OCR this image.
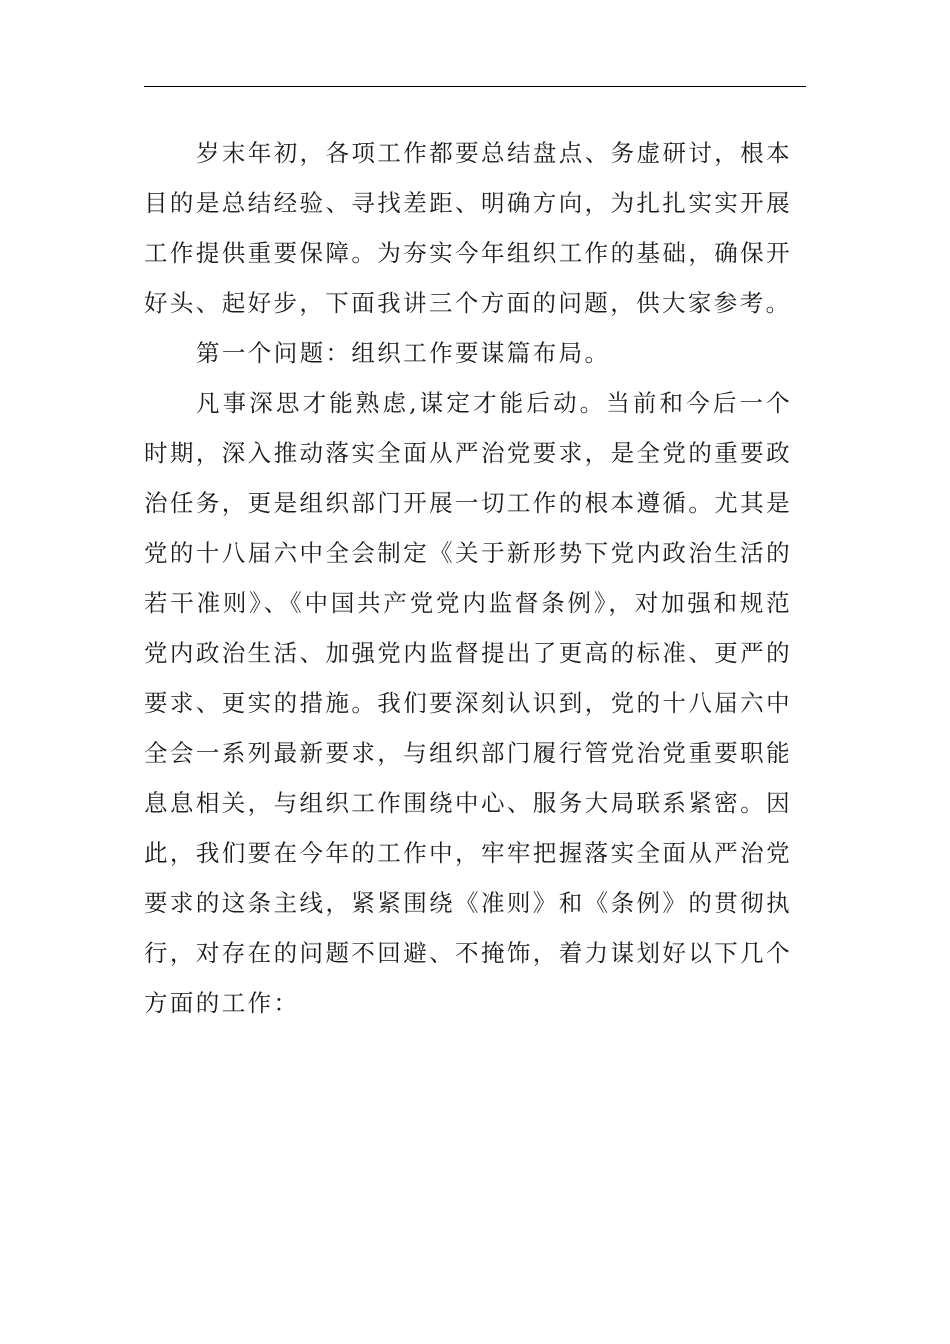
岁末年初，各项工作都要总结盘点、务虚研讨，根本目的是总结经验、寻找差距、明确方向，为扎扎实实开展工作提供重要保障。为夯实今年组织工作的基础，确保开好头、起好步，下面我讲三个方面的问题，供大家参考。

第一个问题：组织工作要谋篇布局。

凡事深思才能熟虑,谋定才能后动。当前和今后一个时期，深入推动落实全面从严治党要求，是全党的重要政治任务，更是组织部门开展一切工作的根本遵循。尤其是党的十八届六中全会制定《关于新形势下党内政治生活的若干准则》、《中国共产党党内监督条例》，对加强和规范党内政治生活、加强党内监督提出了更高的标准、更严的要求、更实的措施。我们要深刻认识到，党的十八届六中全会一系列最新要求，与组织部门履行管党治党重要职能息息相关，与组织工作围绕中心、服务大局联系紧密。因此，我们要在今年的工作中，牢牢把握落实全面从严治党要求的这条主线，紧紧围绕《准则》和《条例》的贯彻执行，对存在的问题不回避、不掩饰，着力谋划好以下几个方面的工作：
